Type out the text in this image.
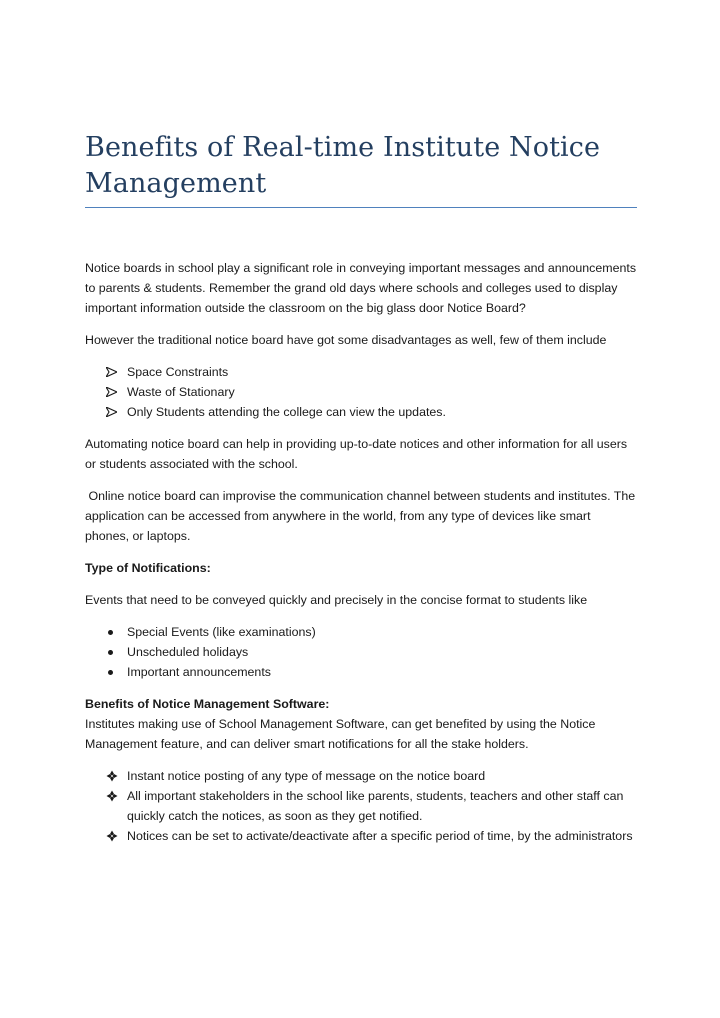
Benefits of Real-time Institute Notice Management

Notice boards in school play a significant role in conveying important messages and announcements to parents & students. Remember the grand old days where schools and colleges used to display important information outside the classroom on the big glass door Notice Board?

However the traditional notice board have got some disadvantages as well, few of them include

Space Constraints
Waste of Stationary
Only Students attending the college can view the updates.

Automating notice board can help in providing up-to-date notices and other information for all users or students associated with the school.

Online notice board can improvise the communication channel between students and institutes. The application can be accessed from anywhere in the world, from any type of devices like smart phones, or laptops.

Type of Notifications:

Events that need to be conveyed quickly and precisely in the concise format to students like

Special Events (like examinations)
Unscheduled holidays
Important announcements

Benefits of Notice Management Software:

Institutes making use of School Management Software, can get benefited by using the Notice Management feature, and can deliver smart notifications for all the stake holders.

Instant notice posting of any type of message on the notice board
All important stakeholders in the school like parents, students, teachers and other staff can quickly catch the notices, as soon as they get notified.
Notices can be set to activate/deactivate after a specific period of time, by the administrators
